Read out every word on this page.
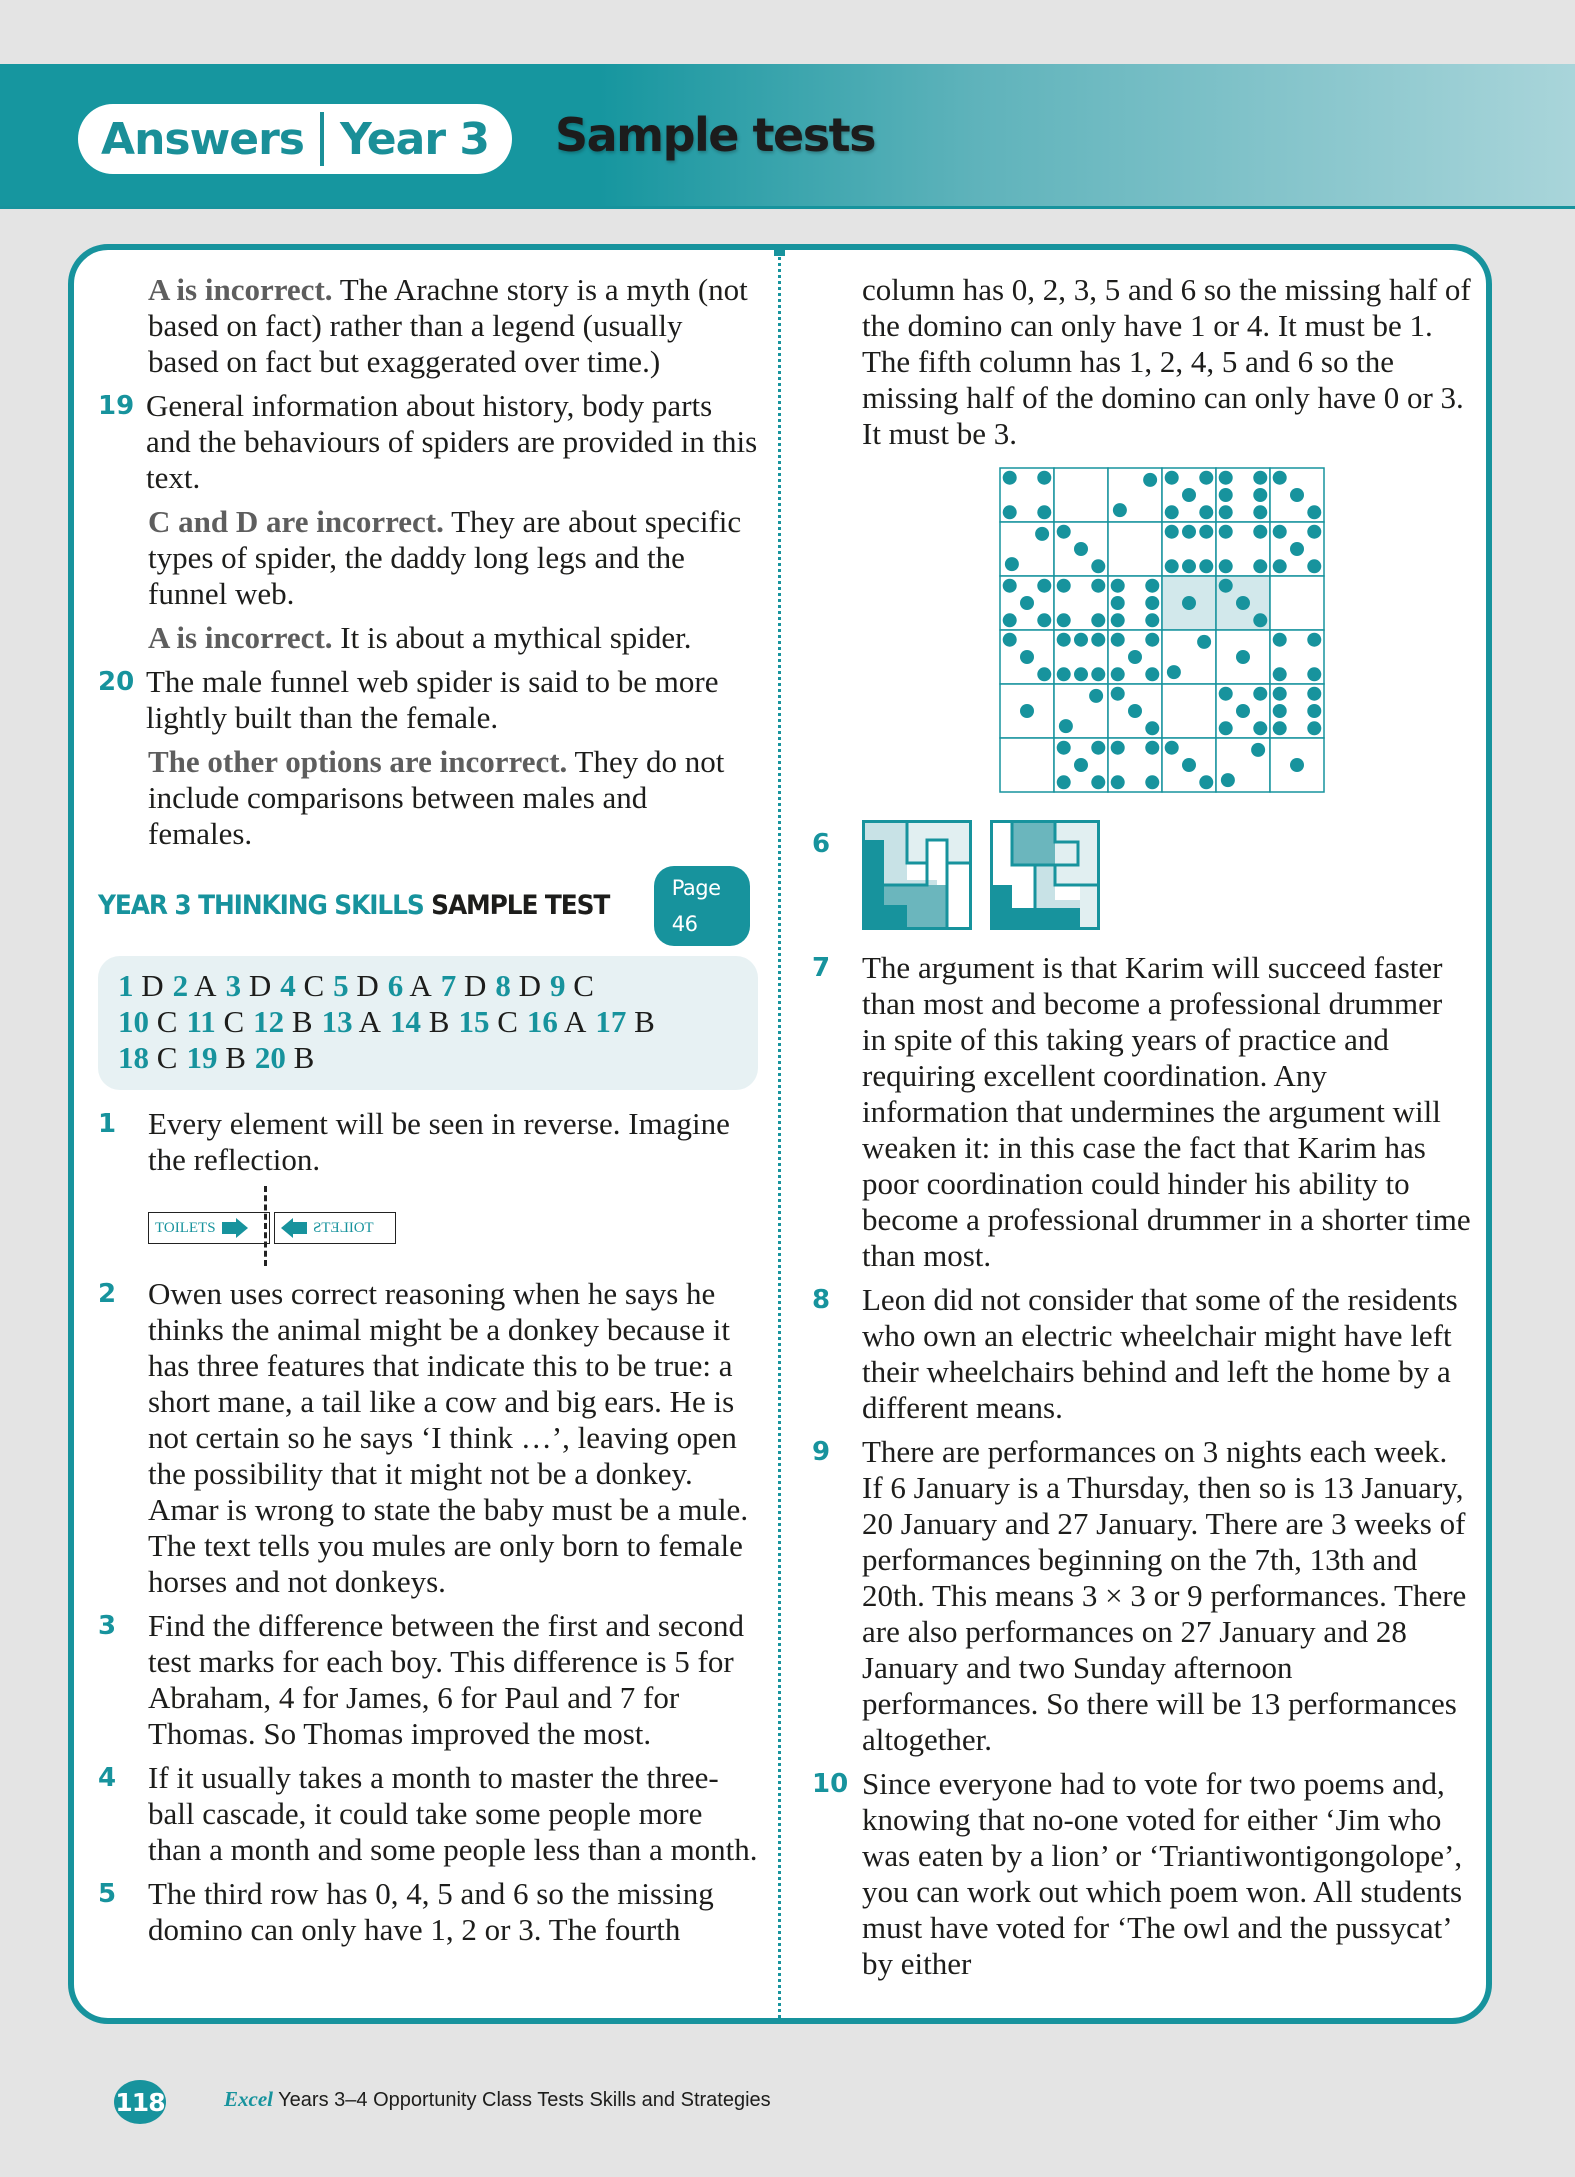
Answers Year 3 Sample tests
A is incorrect. The Arachne story is a myth (not based on fact) rather than a legend (usually based on fact but exaggerated over time.)
19 General information about history, body parts and the behaviours of spiders are provided in this text.
C and D are incorrect. They are about specific types of spider, the daddy long legs and the funnel web.
A is incorrect. It is about a mythical spider.
20 The male funnel web spider is said to be more lightly built than the female.
The other options are incorrect. They do not include comparisons between males and females.
YEAR 3 THINKING SKILLS SAMPLE TEST
Page 46
1 D 2 A 3 D 4 C 5 D 6 A 7 D 8 D 9 C
10 C 11 C 12 B 13 A 14 B 15 C 16 A 17 B
18 C 19 B 20 B
1	Every element will be seen in reverse. Imagine the reflection.
TOILETS	TOILETS
2	Owen uses correct reasoning when he says he thinks the animal might be a donkey because it has three features that indicate this to be true: a short mane, a tail like a cow and big ears. He is not certain so he says ‘I think …’, leaving open the possibility that it might not be a donkey. Amar is wrong to state the baby must be a mule. The text tells you mules are only born to female horses and not donkeys.
3	Find the difference between the first and second test marks for each boy. This difference is 5 for Abraham, 4 for James, 6 for Paul and 7 for Thomas. So Thomas improved the most.
4	If it usually takes a month to master the three-ball cascade, it could take some people more than a month and some people less than a month.
5	The third row has 0, 4, 5 and 6 so the missing domino can only have 1, 2 or 3. The fourth
column has 0, 2, 3, 5 and 6 so the missing half of the domino can only have 1 or 4. It must be 1. The fifth column has 1, 2, 4, 5 and 6 so the missing half of the domino can only have 0 or 3. It must be 3.
6
7	The argument is that Karim will succeed faster than most and become a professional drummer in spite of this taking years of practice and requiring excellent coordination. Any information that undermines the argument will weaken it: in this case the fact that Karim has poor coordination could hinder his ability to become a professional drummer in a shorter time than most.
8	Leon did not consider that some of the residents who own an electric wheelchair might have left their wheelchairs behind and left the home by a different means.
9	There are performances on 3 nights each week. If 6 January is a Thursday, then so is 13 January, 20 January and 27 January. There are 3 weeks of performances beginning on the 7th, 13th and 20th. This means 3 × 3 or 9 performances. There are also performances on 27 January and 28 January and two Sunday afternoon performances. So there will be 13 performances altogether.
10 Since everyone had to vote for two poems and, knowing that no-one voted for either ‘Jim who was eaten by a lion’ or ‘Triantiwontigongolope’, you can work out which poem won. All students must have voted for ‘The owl and the pussycat’ by either
118	Excel Years 3–4 Opportunity Class Tests Skills and Strategies
